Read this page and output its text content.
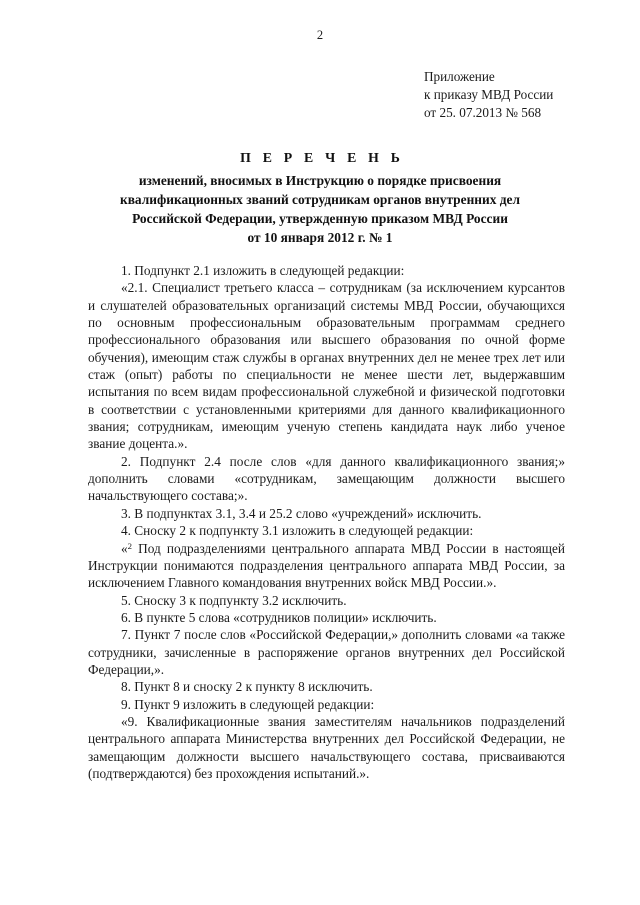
2
Приложение
к приказу МВД России
от 25. 07.2013 № 568
П Е Р Е Ч Е Н Ь
изменений, вносимых в Инструкцию о порядке присвоения
квалификационных званий сотрудникам органов внутренних дел
Российской Федерации, утвержденную приказом МВД России
от 10 января 2012 г. № 1

1. Подпункт 2.1 изложить в следующей редакции:

«2.1. Специалист третьего класса – сотрудникам (за исключением курсантов и слушателей образовательных организаций системы МВД России, обучающихся по основным профессиональным образовательным программам среднего профессионального образования или высшего образования по очной форме обучения), имеющим стаж службы в органах внутренних дел не менее трех лет или стаж (опыт) работы по специальности не менее шести лет, выдержавшим испытания по всем видам профессиональной служебной и физической подготовки в соответствии с установленными критериями для данного квалификационного звания; сотрудникам, имеющим ученую степень кандидата наук либо ученое звание доцента.».

2. Подпункт 2.4 после слов «для данного квалификационного звания;» дополнить словами «сотрудникам, замещающим должности высшего начальствующего состава;».

3. В подпунктах 3.1, 3.4 и 25.2 слово «учреждений» исключить.

4. Сноску 2 к подпункту 3.1 изложить в следующей редакции:

«$^2$ Под подразделениями центрального аппарата МВД России в настоящей Инструкции понимаются подразделения центрального аппарата МВД России, за исключением Главного командования внутренних войск МВД России.».

5. Сноску 3 к подпункту 3.2 исключить.

6. В пункте 5 слова «сотрудников полиции» исключить.

7. Пункт 7 после слов «Российской Федерации,» дополнить словами «а также сотрудники, зачисленные в распоряжение органов внутренних дел Российской Федерации,».

8. Пункт 8 и сноску 2 к пункту 8 исключить.

9. Пункт 9 изложить в следующей редакции:

«9. Квалификационные звания заместителям начальников подразделений центрального аппарата Министерства внутренних дел Российской Федерации, не замещающим должности высшего начальствующего состава, присваиваются (подтверждаются) без прохождения испытаний.».
